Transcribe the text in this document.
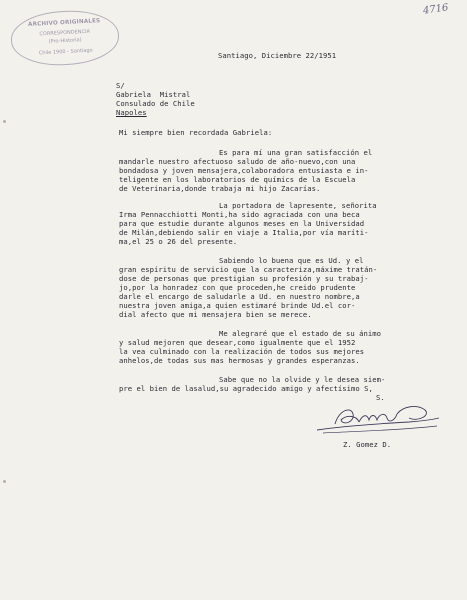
ARCHIVO ORIGINALES
CORRESPONDENCIA
(Pro-Historia)
Chile 1900 - Santiago
4716
Santiago, Diciembre 22/1951
S/
Gabriela  Mistral
Consulado de Chile
Napoles
Mi siempre bien recordada Gabriela:
Es para mí una gran satisfacción el
mandarle nuestro afectuoso saludo de año-nuevo,con una
bondadosa y joven mensajera,colaboradora entusiasta e in-
teligente en los laboratorios de químics de la Escuela
de Veterinaria,donde trabaja mi hijo Zacarías.
La portadora de lapresente, señorita
Irma Pennacchiotti Monti,ha sido agraciada con una beca
para que estudie durante algunos meses en la Universidad
de Milán,debiendo salir en viaje a Italia,por vía maríti-
ma,el 25 o 26 del presente.
Sabiendo lo buena que es Ud. y el
gran espíritu de servicio que la caracteriza,máxime tratán-
dose de personas que prestigian su profesión y su trabaj-
jo,por la honradez con que proceden,he creido prudente
darle el encargo de saludarle a Ud. en nuestro nombre,a
nuestra joven amiga,a quien estimaré brinde Ud.el cor-
dial afecto que mi mensajera bien se merece.
Me alegraré que el estado de su ánimo
y salud mejoren que desear,como igualmente que el 1952
la vea culminado con la realización de todos sus mejores
anhelos,de todas sus mas hermosas y grandes esperanzas.
Sabe que no la olvide y le desea siem-
pre el bien de lasalud,su agradecido amigo y afectísimo S,
S.
Z. Gomez D.
